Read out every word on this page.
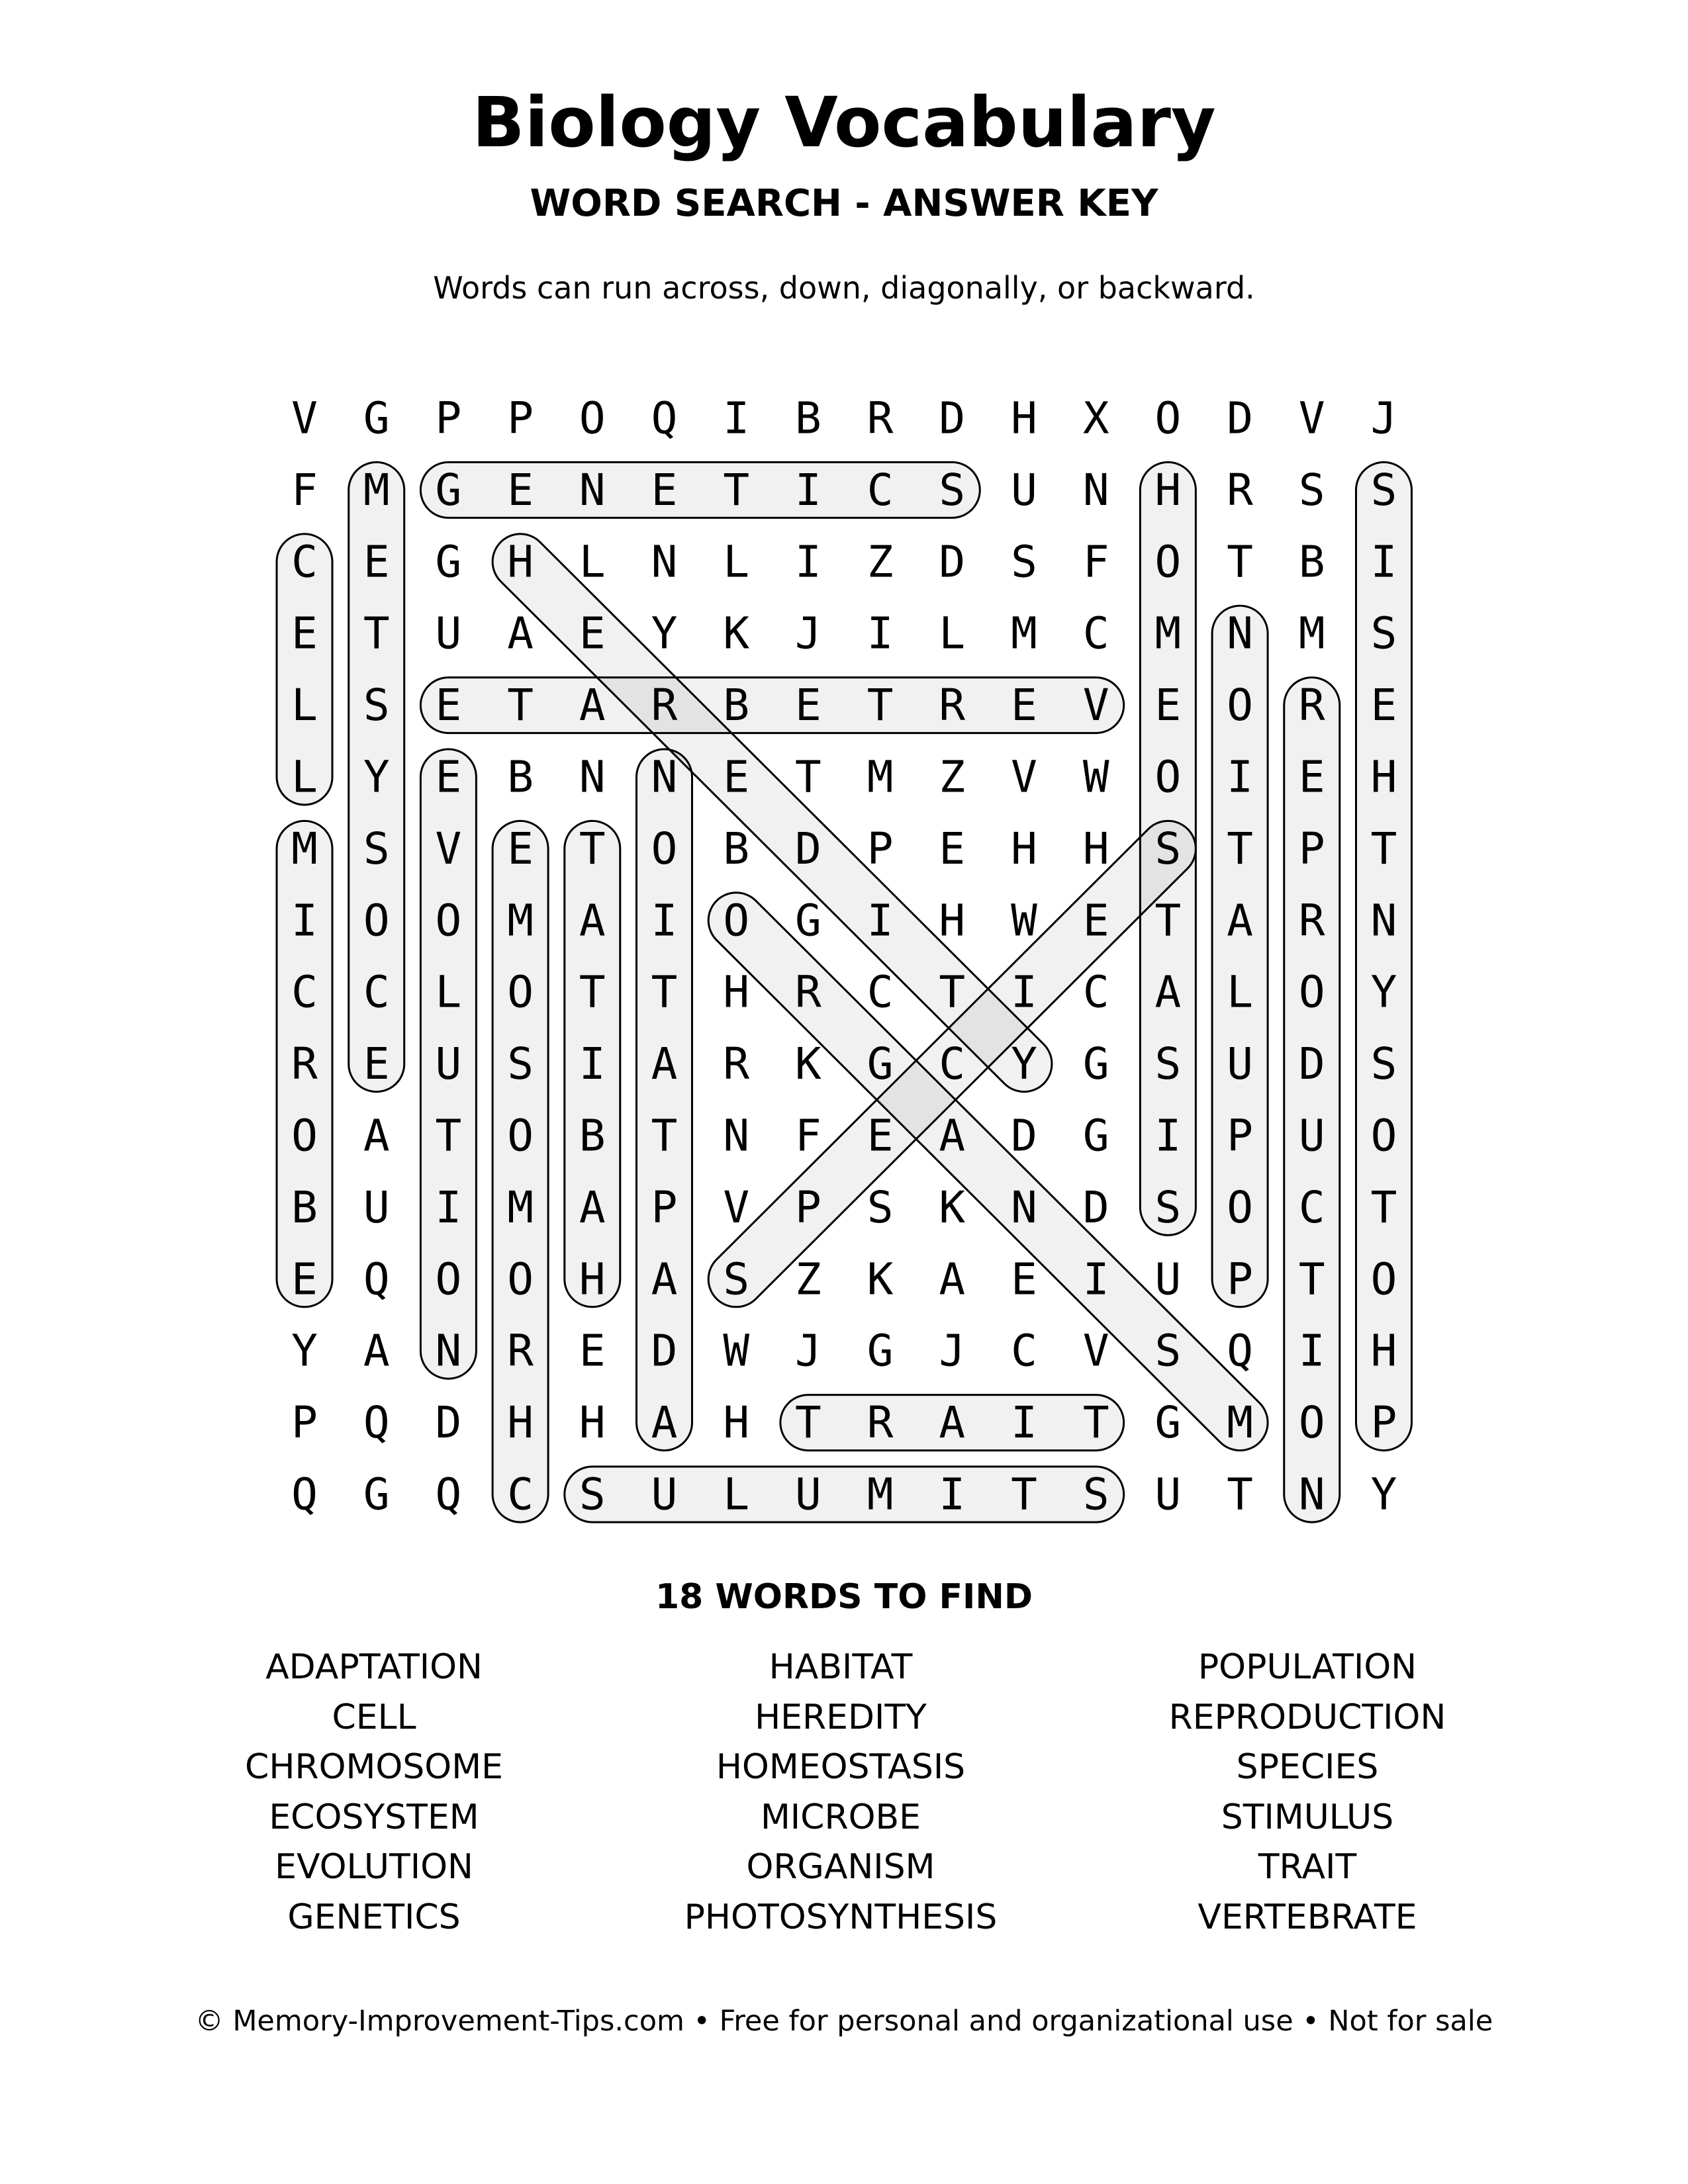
Biology Vocabulary
WORD SEARCH - ANSWER KEY
Words can run across, down, diagonally, or backward.
V G P P O Q I B R D H X O D V J
F M G E N E T I C S U N H R S S
C E G H L N L I Z D S F O T B I
E T U A E Y K J I L M C M N M S
L S E T A R B E T R E V E O R E
L Y E B N N E T M Z V W O I E H
M S V E T O B D P E H H S T P T
I O O M A I O G I H W E T A R N
C C L O T T H R C T I C A L O Y
R E U S I A R K G C Y G S U D S
O A T O B T N F E A D G I P U O
B U I M A P V P S K N D S O C T
E Q O O H A S Z K A E I U P T O
Y A N R E D W J G J C V S Q I H
P Q D H H A H T R A I T G M O P
Q G Q C S U L U M I T S U T N Y
18 WORDS TO FIND
ADAPTATION
CELL
CHROMOSOME
ECOSYSTEM
EVOLUTION
GENETICS
HABITAT
HEREDITY
HOMEOSTASIS
MICROBE
ORGANISM
PHOTOSYNTHESIS
POPULATION
REPRODUCTION
SPECIES
STIMULUS
TRAIT
VERTEBRATE
© Memory-Improvement-Tips.com • Free for personal and organizational use • Not for sale
